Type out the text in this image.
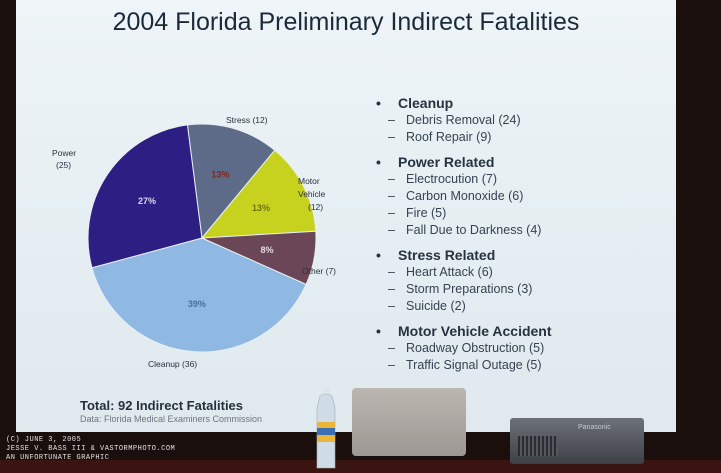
2004 Florida Preliminary Indirect Fatalities
39%
Cleanup (36)
27%
Power
(25)
13%
Stress (12)
13%
Motor
Vehicle
(12)
8%
Other (7)
• Cleanup
– Debris Removal (24)
– Roof Repair (9)
• Power Related
– Electrocution (7)
– Carbon Monoxide (6)
– Fire (5)
– Fall Due to Darkness (4)
• Stress Related
– Heart Attack (6)
– Storm Preparations (3)
– Suicide (2)
• Motor Vehicle Accident
– Roadway Obstruction (5)
– Traffic Signal Outage (5)
Total: 92 Indirect Fatalities
Data: Florida Medical Examiners Commission
Panasonic
(C) JUNE 3, 2005
JESSE V. BASS III & VASTORMPHOTO.COM
AN UNFORTUNATE GRAPHIC
